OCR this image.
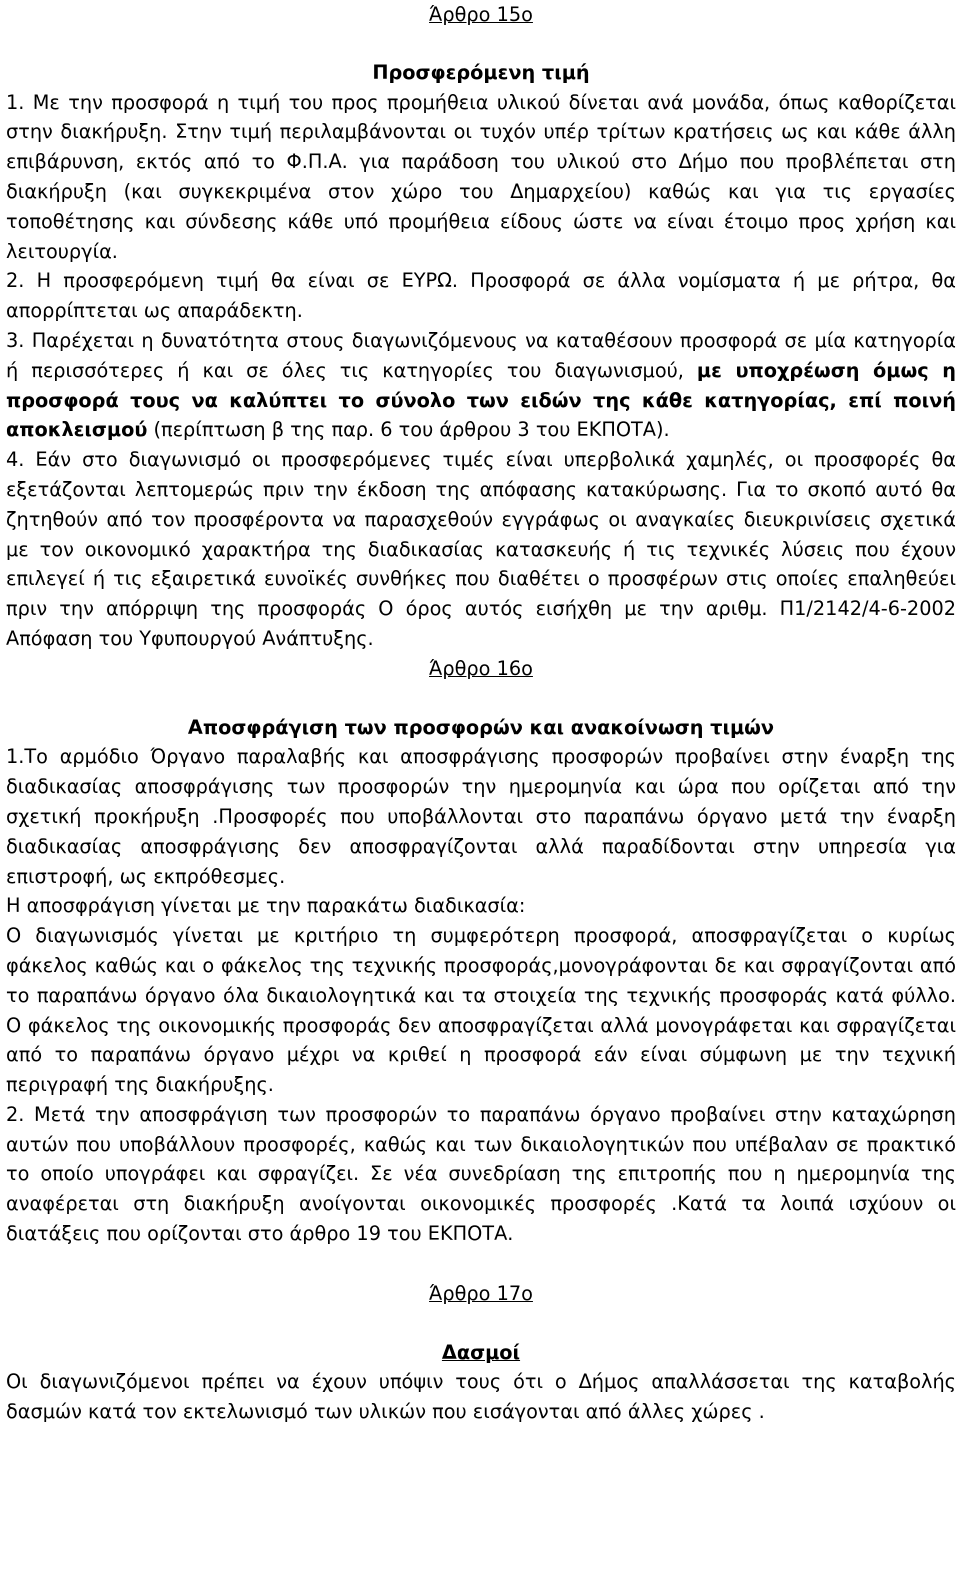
Άρθρο 15ο

Προσφερόμενη τιμή

1. Με την προσφορά η τιμή του προς προμήθεια υλικού δίνεται ανά μονάδα, όπως καθορίζεται στην διακήρυξη. Στην τιμή περιλαμβάνονται οι τυχόν υπέρ τρίτων κρατήσεις ως και κάθε άλλη επιβάρυνση, εκτός από το Φ.Π.Α. για παράδοση του υλικού στο Δήμο που προβλέπεται στη διακήρυξη (και συγκεκριμένα στον χώρο του Δημαρχείου) καθώς και για τις εργασίες τοποθέτησης και σύνδεσης κάθε υπό προμήθεια είδους ώστε να είναι έτοιμο προς χρήση και λειτουργία.

2. Η προσφερόμενη τιμή θα είναι σε ΕΥΡΩ. Προσφορά σε άλλα νομίσματα ή με ρήτρα, θα απορρίπτεται ως απαράδεκτη.

3. Παρέχεται η δυνατότητα στους διαγωνιζόμενους να καταθέσουν προσφορά σε μία κατηγορία ή περισσότερες ή και σε όλες τις κατηγορίες του διαγωνισμού, με υποχρέωση όμως η προσφορά τους να καλύπτει το σύνολο των ειδών της κάθε κατηγορίας, επί ποινή αποκλεισμού (περίπτωση β της παρ. 6 του άρθρου 3 του ΕΚΠΟΤΑ).

4. Εάν στο διαγωνισμό οι προσφερόμενες τιμές είναι υπερβολικά χαμηλές, οι προσφορές θα εξετάζονται λεπτομερώς πριν την έκδοση της απόφασης κατακύρωσης. Για το σκοπό αυτό θα ζητηθούν από τον προσφέροντα να παρασχεθούν εγγράφως οι αναγκαίες διευκρινίσεις σχετικά με τον οικονομικό χαρακτήρα της διαδικασίας κατασκευής ή τις τεχνικές λύσεις που έχουν επιλεγεί ή τις εξαιρετικά ευνοϊκές συνθήκες που διαθέτει ο προσφέρων στις οποίες επαληθεύει πριν την απόρριψη της προσφοράς Ο όρος αυτός εισήχθη με την αριθμ. Π1/2142/4-6-2002 Απόφαση του Υφυπουργού Ανάπτυξης.

Άρθρο 16ο

Αποσφράγιση των προσφορών και ανακοίνωση τιμών

1.Το αρμόδιο Όργανο παραλαβής και αποσφράγισης προσφορών προβαίνει στην έναρξη της διαδικασίας αποσφράγισης των προσφορών την ημερομηνία και ώρα που ορίζεται από την σχετική προκήρυξη .Προσφορές που υποβάλλονται στο παραπάνω όργανο μετά την έναρξη διαδικασίας αποσφράγισης δεν αποσφραγίζονται αλλά παραδίδονται στην υπηρεσία για επιστροφή, ως εκπρόθεσμες.

Η αποσφράγιση γίνεται με την παρακάτω διαδικασία:

Ο διαγωνισμός γίνεται με κριτήριο τη συμφερότερη προσφορά, αποσφραγίζεται ο κυρίως φάκελος καθώς και ο φάκελος της τεχνικής προσφοράς,μονογράφονται δε και σφραγίζονται από το παραπάνω όργανο όλα δικαιολογητικά και τα στοιχεία της τεχνικής προσφοράς κατά φύλλο. Ο φάκελος της οικονομικής προσφοράς δεν αποσφραγίζεται αλλά μονογράφεται και σφραγίζεται από το παραπάνω όργανο μέχρι να κριθεί η προσφορά εάν είναι σύμφωνη με την τεχνική περιγραφή της διακήρυξης.

2. Μετά την αποσφράγιση των προσφορών το παραπάνω όργανο προβαίνει στην καταχώρηση αυτών που υποβάλλουν προσφορές, καθώς και των δικαιολογητικών που υπέβαλαν σε πρακτικό το οποίο υπογράφει και σφραγίζει. Σε νέα συνεδρίαση της επιτροπής που η ημερομηνία της αναφέρεται στη διακήρυξη ανοίγονται οικονομικές προσφορές .Κατά τα λοιπά ισχύουν οι διατάξεις που ορίζονται στο άρθρο 19 του ΕΚΠΟΤΑ.

Άρθρο 17ο

Δασμοί

Οι διαγωνιζόμενοι πρέπει να έχουν υπόψιν τους ότι ο Δήμος απαλλάσσεται της καταβολής δασμών κατά τον εκτελωνισμό των υλικών που εισάγονται από άλλες χώρες .
